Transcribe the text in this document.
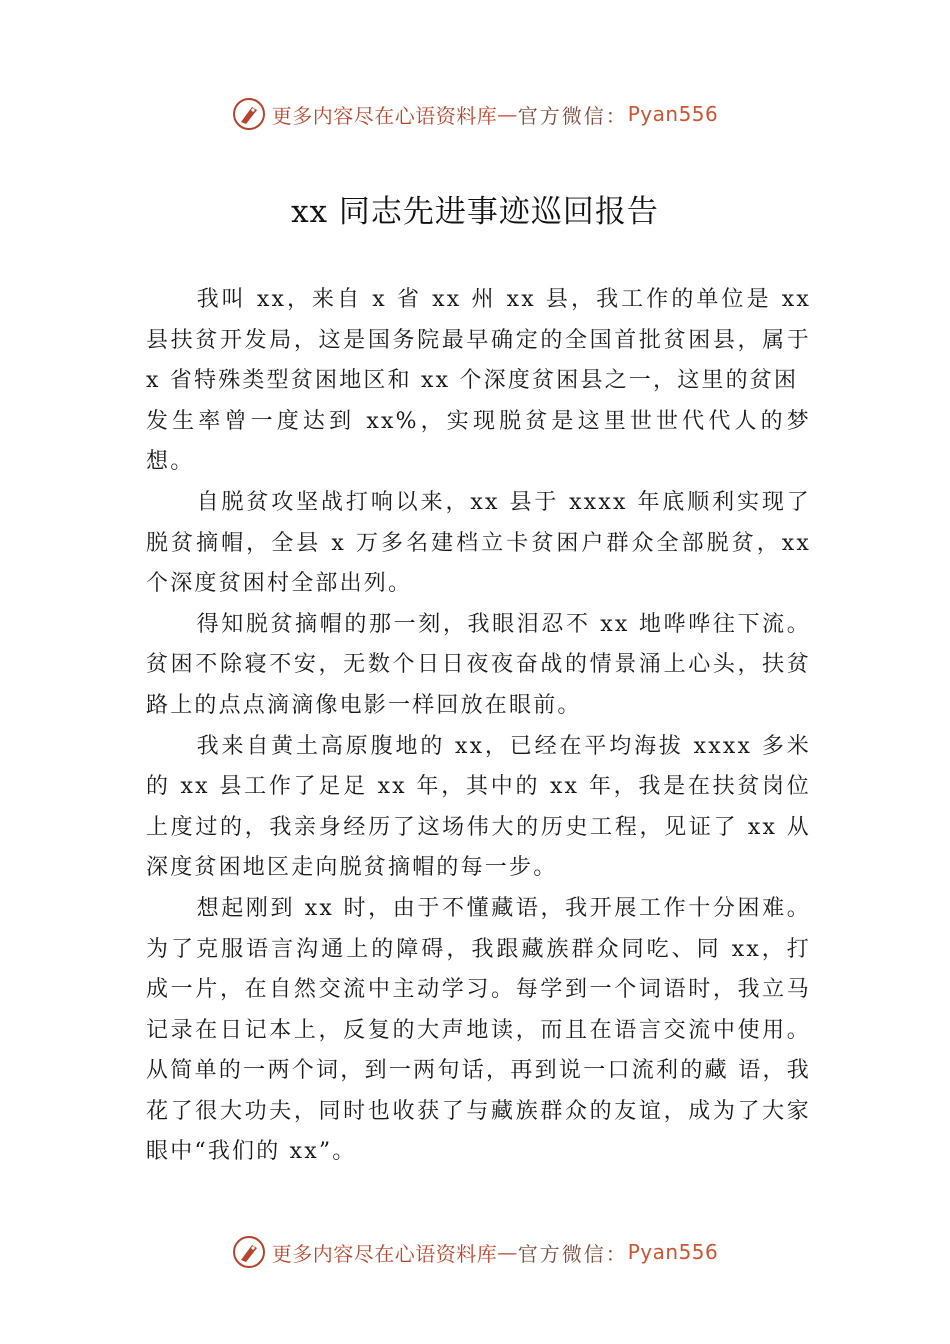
更多内容尽在心语资料库 — 官方微信： Pyan556
xx 同志先进事迹巡回报告

我叫 xx，来自 x 省 xx 州 xx 县，我工作的单位是 xx 县扶贫开发局，这是国务院最早确定的全国首批贫困县，属于 x 省特殊类型贫困地区和 xx 个深度贫困县之一，这里的贫困

发生率曾一度达到 xx%，实现脱贫是这里世世代代人的梦想。

自脱贫攻坚战打响以来，xx 县于 xxxx 年底顺利实现了脱贫摘帽，全县 x 万多名建档立卡贫困户群众全部脱贫，xx 个深度贫困村全部出列。

得知脱贫摘帽的那一刻，我眼泪忍不 xx 地哗哗往下流。贫困不除寝不安，无数个日日夜夜奋战的情景涌上心头，扶贫路上的点点滴滴像电影一样回放在眼前。

我来自黄土高原腹地的 xx，已经在平均海拔 xxxx 多米的 xx 县工作了足足 xx 年，其中的 xx 年，我是在扶贫岗位上度过的，我亲身经历了这场伟大的历史工程，见证了 xx 从深度贫困地区走向脱贫摘帽的每一步。

想起刚到 xx 时，由于不懂藏语，我开展工作十分困难。为了克服语言沟通上的障碍，我跟藏族群众同吃、同 xx，打成一片，在自然交流中主动学习。每学到一个词语时，我立马记录在日记本上，反复的大声地读，而且在语言交流中使用。从简单的一两个词，到一两句话，再到说一口流利的藏 语，我花了很大功夫，同时也收获了与藏族群众的友谊，成为了大家眼中“我们的 xx”。

更多内容尽在心语资料库 — 官方微信： Pyan556
